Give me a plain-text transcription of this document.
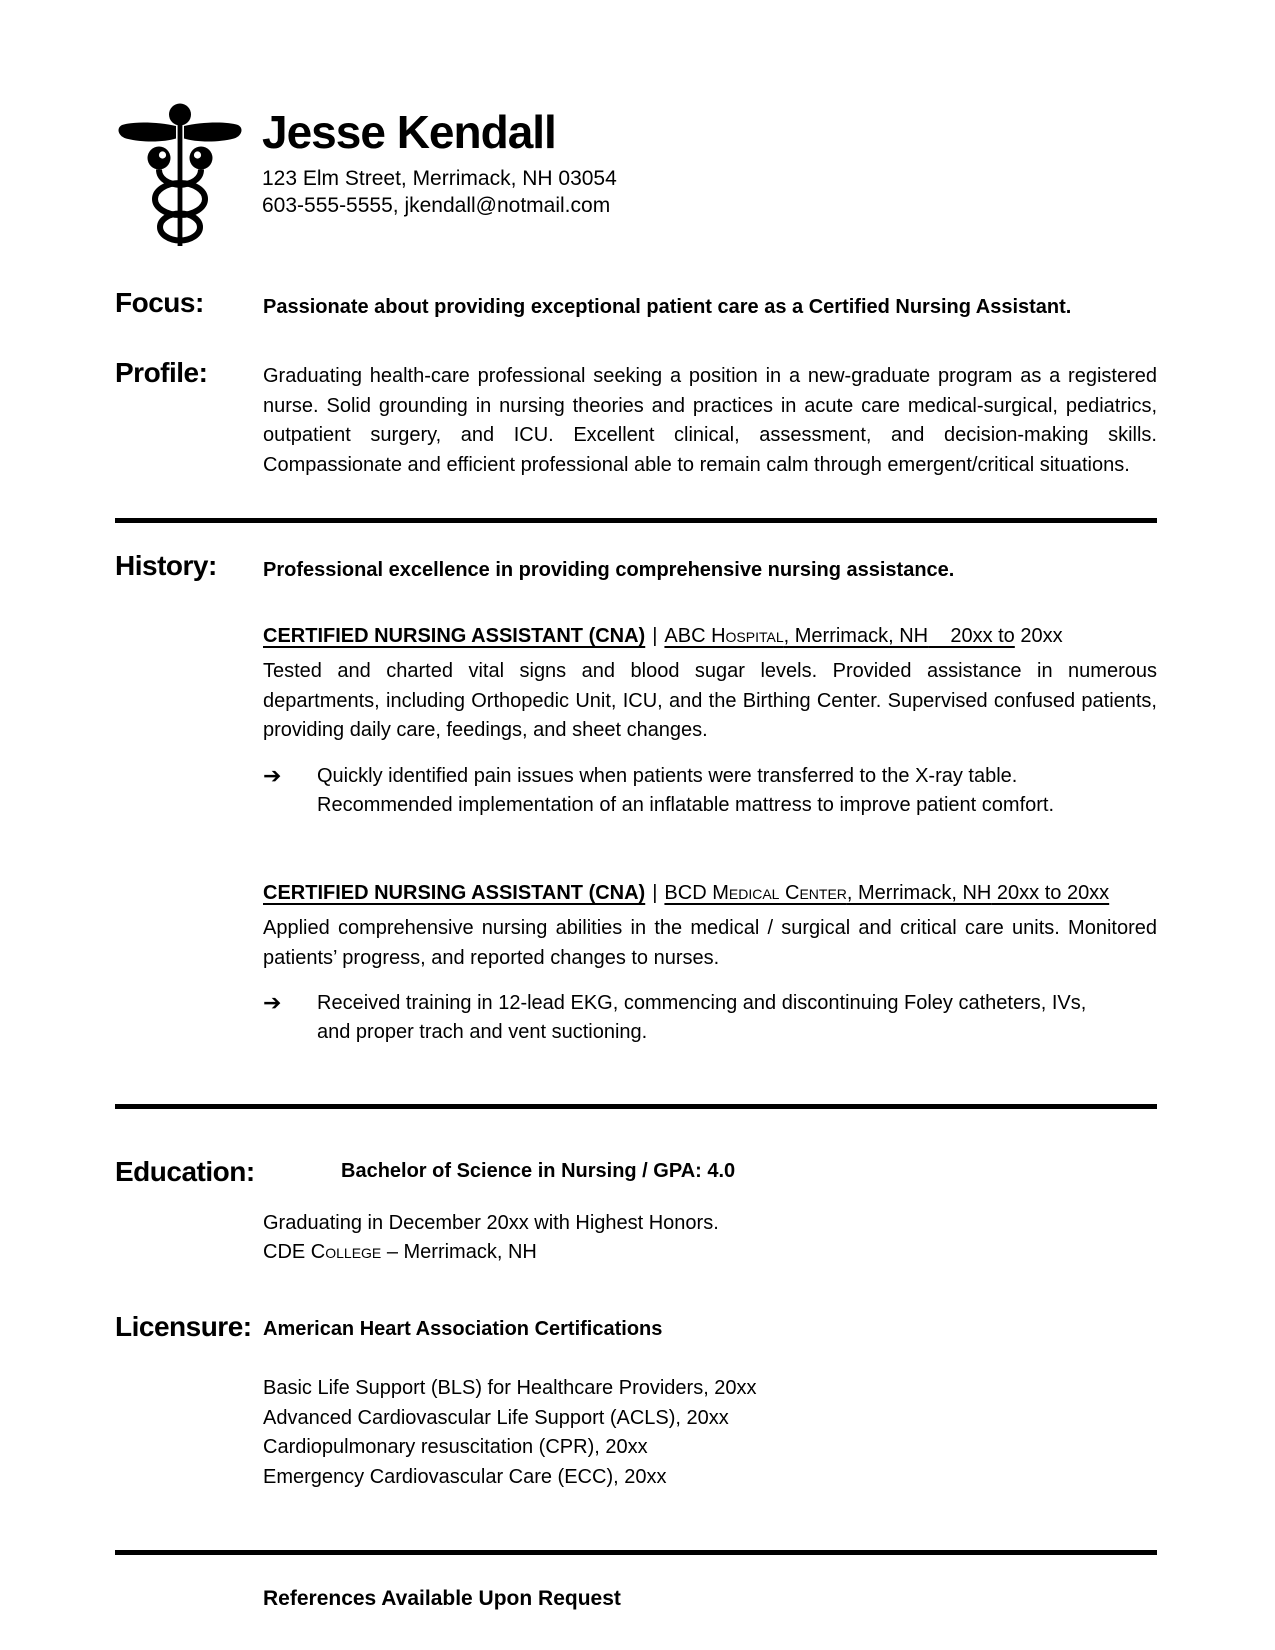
Jesse Kendall
123 Elm Street, Merrimack, NH 03054
603-555-5555, jkendall@notmail.com
Focus:	Passionate about providing exceptional patient care as a Certified Nursing Assistant.

Profile:	Graduating health-care professional seeking a position in a new-graduate program as a registered nurse. Solid grounding in nursing theories and practices in acute care medical-surgical, pediatrics, outpatient surgery, and ICU. Excellent clinical, assessment, and decision-making skills. Compassionate and efficient professional able to remain calm through emergent/critical situations.

History:	Professional excellence in providing comprehensive nursing assistance.

CERTIFIED NURSING ASSISTANT (CNA) | ABC Hospital, Merrimack, NH    20xx to 20xx

Tested and charted vital signs and blood sugar levels. Provided assistance in numerous departments, including Orthopedic Unit, ICU, and the Birthing Center. Supervised confused patients, providing daily care, feedings, and sheet changes.

➔	Quickly identified pain issues when patients were transferred to the X-ray table. Recommended implementation of an inflatable mattress to improve patient comfort.
CERTIFIED NURSING ASSISTANT (CNA) | BCD Medical Center, Merrimack, NH 20xx to 20xx

Applied comprehensive nursing abilities in the medical / surgical and critical care units. Monitored patients’ progress, and reported changes to nurses.

➔	Received training in 12-lead EKG, commencing and discontinuing Foley catheters, IVs, and proper trach and vent suctioning.
Education:	Bachelor of Science in Nursing / GPA: 4.0

Graduating in December 20xx with Highest Honors.

CDE College – Merrimack, NH

Licensure: American Heart Association Certifications

Basic Life Support (BLS) for Healthcare Providers, 20xx

Advanced Cardiovascular Life Support (ACLS), 20xx

Cardiopulmonary resuscitation (CPR), 20xx

Emergency Cardiovascular Care (ECC), 20xx

References Available Upon Request
